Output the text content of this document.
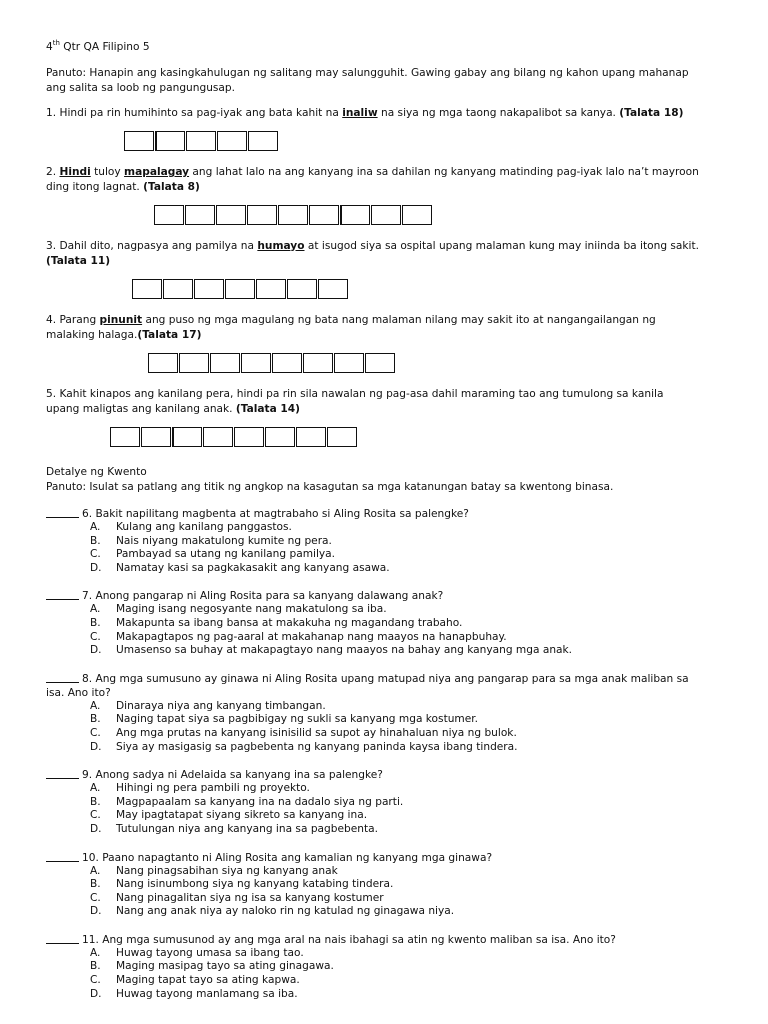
4th Qtr QA Filipino 5
Panuto: Hanapin ang kasingkahulugan ng salitang may salungguhit. Gawing gabay ang bilang ng kahon upang mahanap
ang salita sa loob ng pangungusap.
1. Hindi pa rin humihinto sa pag-iyak ang bata kahit na inaliw na siya ng mga taong nakapalibot sa kanya. (Talata 18)
2. Hindi tuloy mapalagay ang lahat lalo na ang kanyang ina sa dahilan ng kanyang matinding pag-iyak lalo na’t mayroon
ding itong lagnat. (Talata 8)
3. Dahil dito, nagpasya ang pamilya na humayo at isugod siya sa ospital upang malaman kung may iniinda ba itong sakit.
(Talata 11)
4. Parang pinunit ang puso ng mga magulang ng bata nang malaman nilang may sakit ito at nangangailangan ng
malaking halaga.(Talata 17)
5. Kahit kinapos ang kanilang pera, hindi pa rin sila nawalan ng pag-asa dahil maraming tao ang tumulong sa kanila
upang maligtas ang kanilang anak. (Talata 14)
Detalye ng Kwento
Panuto: Isulat sa patlang ang titik ng angkop na kasagutan sa mga katanungan batay sa kwentong binasa.
6. Bakit napilitang magbenta at magtrabaho si Aling Rosita sa palengke?
A. Kulang ang kanilang panggastos.
B. Nais niyang makatulong kumite ng pera.
C. Pambayad sa utang ng kanilang pamilya.
D. Namatay kasi sa pagkakasakit ang kanyang asawa.
7. Anong pangarap ni Aling Rosita para sa kanyang dalawang anak?
A. Maging isang negosyante nang makatulong sa iba.
B. Makapunta sa ibang bansa at makakuha ng magandang trabaho.
C. Makapagtapos ng pag-aaral at makahanap nang maayos na hanapbuhay.
D. Umasenso sa buhay at makapagtayo nang maayos na bahay ang kanyang mga anak.
8. Ang mga sumusuno ay ginawa ni Aling Rosita upang matupad niya ang pangarap para sa mga anak maliban sa
isa. Ano ito?
A. Dinaraya niya ang kanyang timbangan.
B. Naging tapat siya sa pagbibigay ng sukli sa kanyang mga kostumer.
C. Ang mga prutas na kanyang isinisilid sa supot ay hinahaluan niya ng bulok.
D. Siya ay masigasig sa pagbebenta ng kanyang paninda kaysa ibang tindera.
9. Anong sadya ni Adelaida sa kanyang ina sa palengke?
A. Hihingi ng pera pambili ng proyekto.
B. Magpapaalam sa kanyang ina na dadalo siya ng parti.
C. May ipagtatapat siyang sikreto sa kanyang ina.
D. Tutulungan niya ang kanyang ina sa pagbebenta.
10. Paano napagtanto ni Aling Rosita ang kamalian ng kanyang mga ginawa?
A. Nang pinagsabihan siya ng kanyang anak
B. Nang isinumbong siya ng kanyang katabing tindera.
C. Nang pinagalitan siya ng isa sa kanyang kostumer
D. Nang ang anak niya ay naloko rin ng katulad ng ginagawa niya.
11. Ang mga sumusunod ay ang mga aral na nais ibahagi sa atin ng kwento maliban sa isa. Ano ito?
A. Huwag tayong umasa sa ibang tao.
B. Maging masipag tayo sa ating ginagawa.
C. Maging tapat tayo sa ating kapwa.
D. Huwag tayong manlamang sa iba.
